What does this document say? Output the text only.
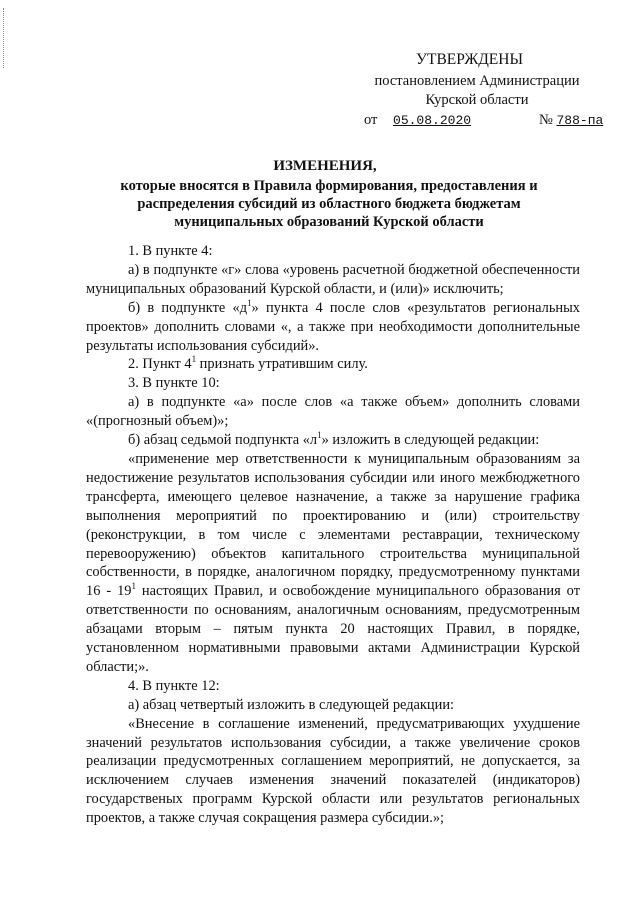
УТВЕРЖДЕНЫ
постановлением Администрации
Курской области
от 05.08.2020	№ 788-па
ИЗМЕНЕНИЯ,
которые вносятся в Правила формирования, предоставления и распределения субсидий из областного бюджета бюджетам муниципальных образований Курской области

1. В пункте 4:

а) в подпункте «г» слова «уровень расчетной бюджетной обеспеченности муниципальных образований Курской области, и (или)» исключить;

б) в подпункте «$д^1$» пункта 4 после слов «результатов региональных проектов» дополнить словами «, а также при необходимости дополнительные результаты использования субсидий».

2. Пункт $4^1$ признать утратившим силу.

3. В пункте 10:

а) в подпункте «а» после слов «а также объем» дополнить словами «(прогнозный объем)»;

б) абзац седьмой подпункта «$л^1$» изложить в следующей редакции:

«применение мер ответственности к муниципальным образованиям за недостижение результатов использования субсидии или иного межбюджетного трансферта, имеющего целевое назначение, а также за нарушение графика выполнения мероприятий по проектированию и (или) строительству (реконструкции, в том числе с элементами реставрации, техническому перевооружению) объектов капитального строительства муниципальной собственности, в порядке, аналогичном порядку, предусмотренному пунктами $16 - 19^1$ настоящих Правил, и освобождение муниципального образования от ответственности по основаниям, аналогичным основаниям, предусмотренным абзацами вторым – пятым пункта 20 настоящих Правил, в порядке, установленном нормативными правовыми актами Администрации Курской области;».

4. В пункте 12:

а) абзац четвертый изложить в следующей редакции:

«Внесение в соглашение изменений, предусматривающих ухудшение значений результатов использования субсидии, а также увеличение сроков реализации предусмотренных соглашением мероприятий, не допускается, за исключением случаев изменения значений показателей (индикаторов) государственых программ Курской области или результатов региональных проектов, а также случая сокращения размера субсидии.»;
